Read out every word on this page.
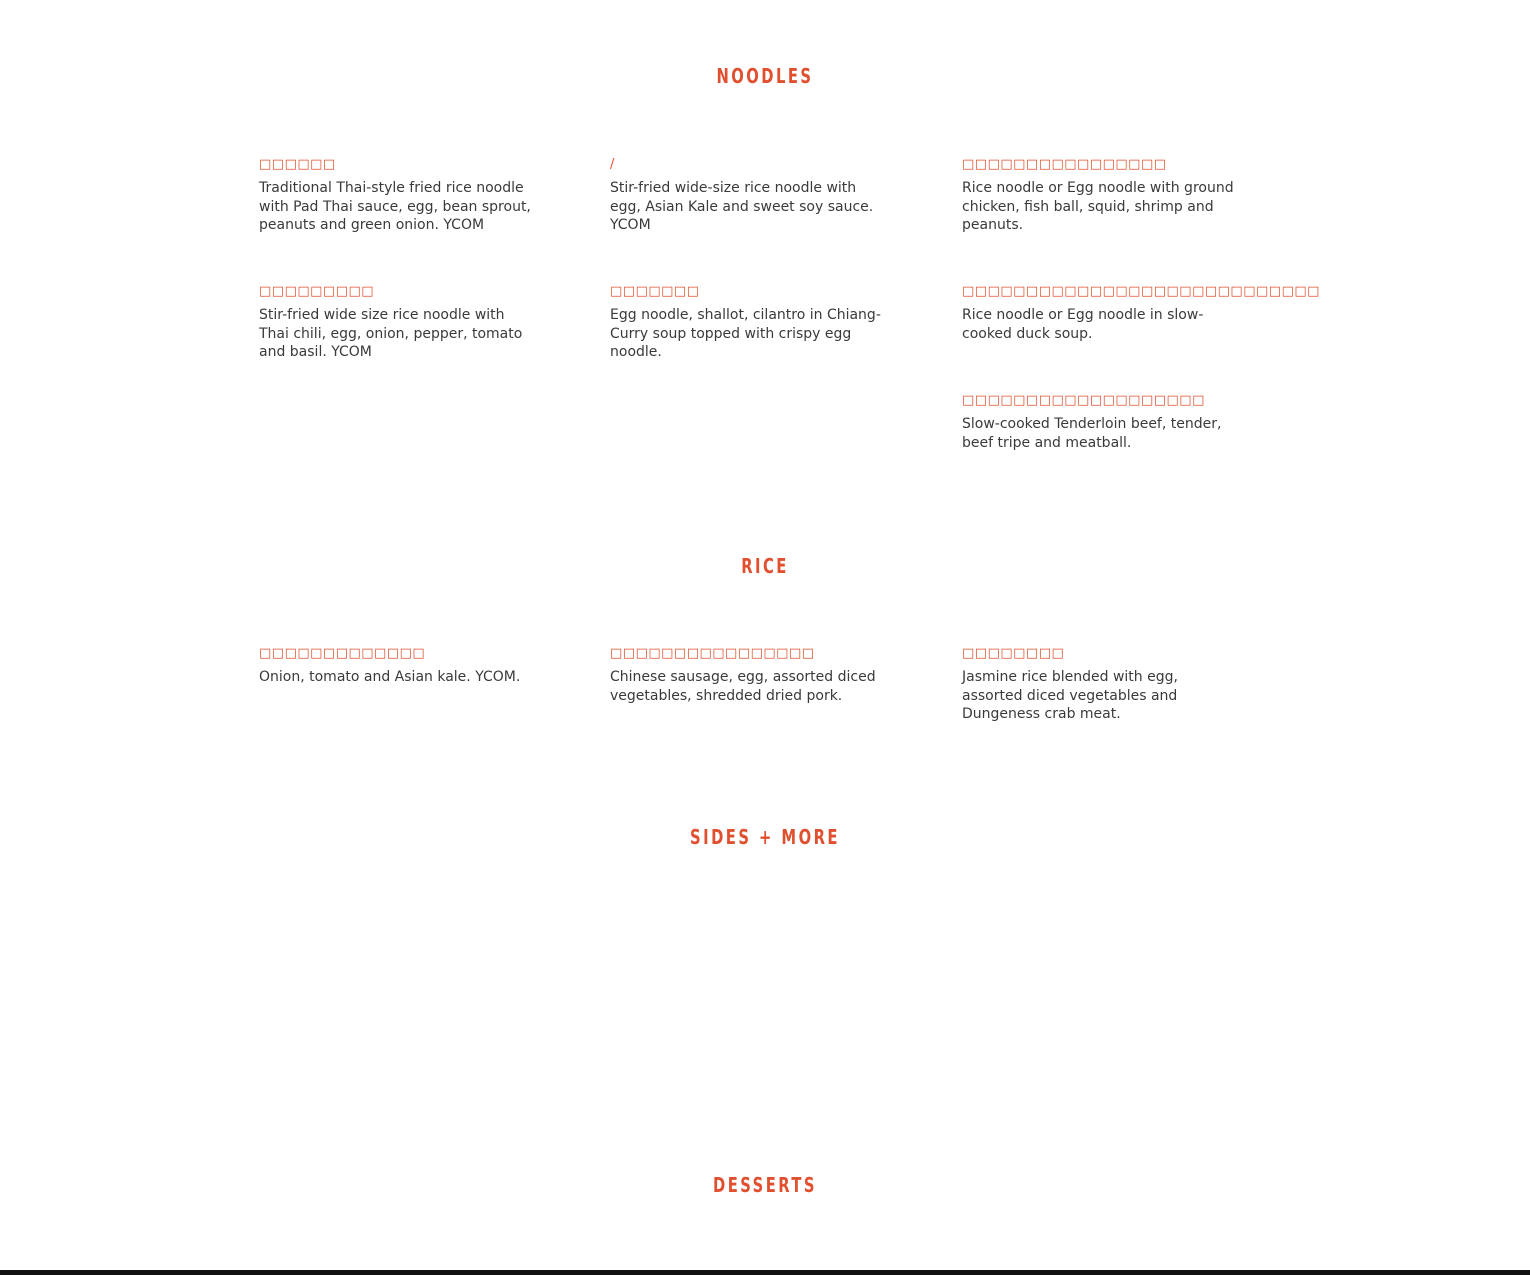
NOODLES
□□□□□□
Traditional Thai-style fried rice noodle with Pad Thai sauce, egg, bean sprout, peanuts and green onion. YCOM
/
Stir-fried wide-size rice noodle with egg, Asian Kale and sweet soy sauce. YCOM
□□□□□□□□□□□□□□□□
Rice noodle or Egg noodle with ground chicken, fish ball, squid, shrimp and peanuts.
□□□□□□□□□
Stir-fried wide size rice noodle with Thai chili, egg, onion, pepper, tomato and basil. YCOM
□□□□□□□
Egg noodle, shallot, cilantro in Chiang-Curry soup topped with crispy egg noodle.
□□□□□□□□□□□□□□□□□□□□□□□□□□□□
Rice noodle or Egg noodle in slow-cooked duck soup.
□□□□□□□□□□□□□□□□□□□
Slow-cooked Tenderloin beef, tender, beef tripe and meatball.
RICE
□□□□□□□□□□□□□
Onion, tomato and Asian kale. YCOM.
□□□□□□□□□□□□□□□□
Chinese sausage, egg, assorted diced vegetables, shredded dried pork.
□□□□□□□□
Jasmine rice blended with egg, assorted diced vegetables and Dungeness crab meat.
SIDES + MORE
DESSERTS
